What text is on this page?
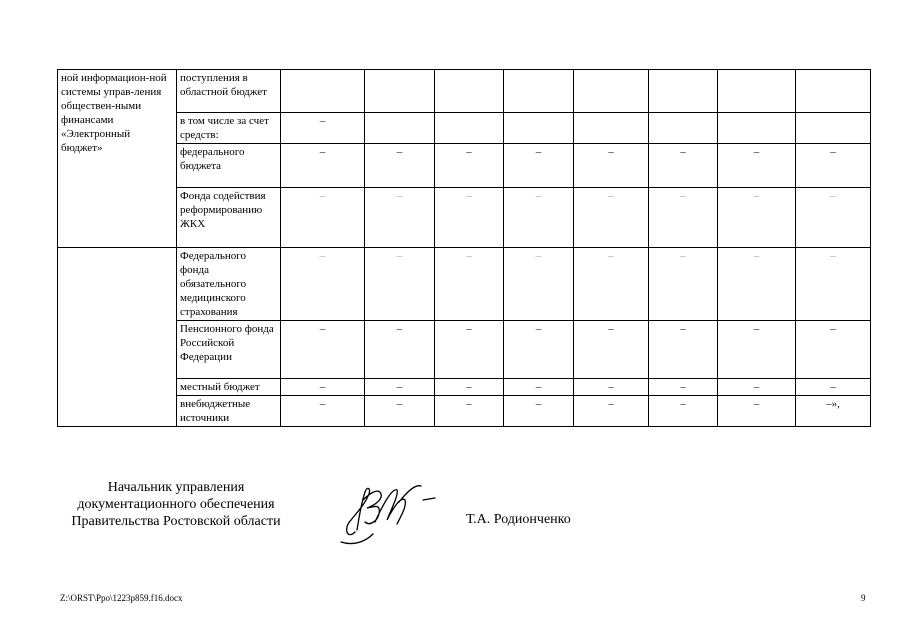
ной информацион-ной системы управ-ления обществен-ными финансами «Электронный бюджет»	поступления в областной бюджет								
	в том числе за счет средств:	–							
	федерального бюджета	–	–	–	–	–	–	–	–
	Фонда содействия реформированию ЖКХ	–	–	–	–	–	–	–	–
	Федерального фонда обязательного медицинского страхования	–	–	–	–	–	–	–	–
	Пенсионного фонда Российской Федерации	–	–	–	–	–	–	–	–
	местный бюджет	–	–	–	–	–	–	–	–
	внебюджетные источники	–	–	–	–	–	–	–	–»,
Начальник управления
документационного обеспечения
Правительства Ростовской области	Т.А. Родионченко
Z:\ORST\Ppo\1223p859.f16.docx	9
